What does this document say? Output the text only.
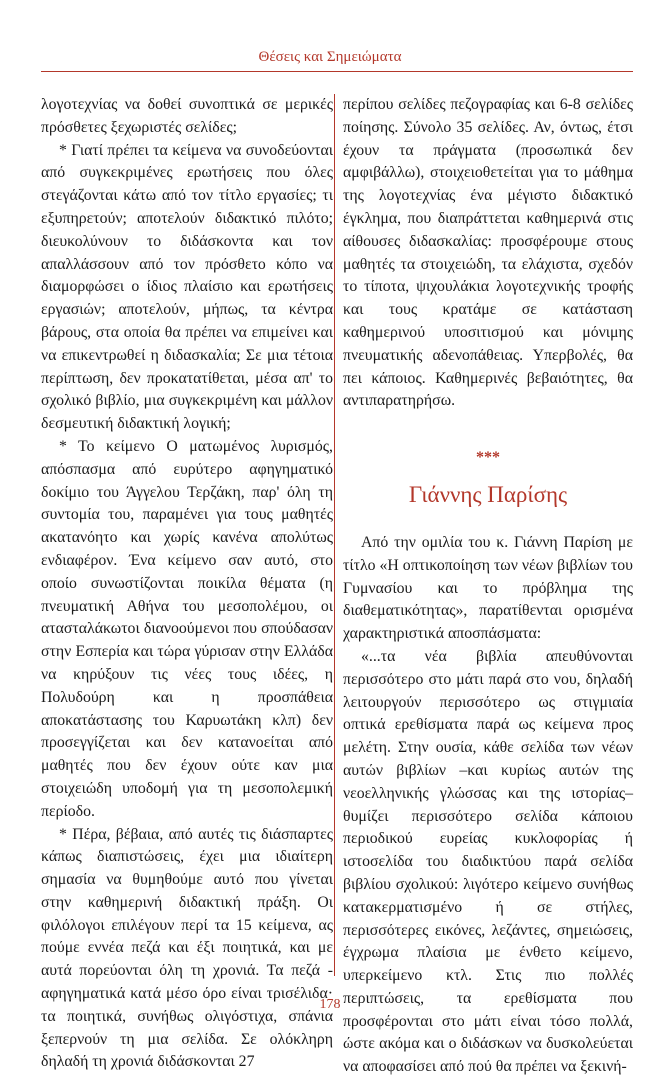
Θέσεις και Σημειώματα

λογοτεχνίας να δοθεί συνοπτικά σε μερικές πρόσθετες ξεχωριστές σελίδες;

* Γιατί πρέπει τα κείμενα να συνοδεύονται από συγκεκριμένες ερωτήσεις που όλες στεγάζονται κάτω από τον τίτλο εργασίες; τι εξυπηρετούν; αποτελούν διδακτικό πιλότο; διευκολύνουν το διδάσκοντα και τον απαλλάσσουν από τον πρόσθετο κόπο να διαμορφώσει ο ίδιος πλαίσιο και ερωτήσεις εργασιών; αποτελούν, μήπως, τα κέντρα βάρους, στα οποία θα πρέπει να επιμείνει και να επικεντρωθεί η διδασκαλία; Σε μια τέτοια περίπτωση, δεν προκατατίθεται, μέσα απ' το σχολικό βιβλίο, μια συγκεκριμένη και μάλλον δεσμευτική διδακτική λογική;

* Το κείμενο Ο ματωμένος λυρισμός, απόσπασμα από ευρύτερο αφηγηματικό δοκίμιο του Άγγελου Τερζάκη, παρ' όλη τη συντομία του, παραμένει για τους μαθητές ακατανόητο και χωρίς κανένα απολύτως ενδιαφέρον. Ένα κείμενο σαν αυτό, στο οποίο συνωστίζονται ποικίλα θέματα (η πνευματική Αθήνα του μεσοπολέμου, οι ατασταλάκωτοι διανοούμενοι που σπούδασαν στην Εσπερία και τώρα γύρισαν στην Ελλάδα να κηρύξουν τις νέες τους ιδέες, η Πολυδούρη και η προσπάθεια αποκατάστασης του Καρυωτάκη κλπ) δεν προσεγγίζεται και δεν κατανοείται από μαθητές που δεν έχουν ούτε καν μια στοιχειώδη υποδομή για τη μεσοπολεμική περίοδο.

* Πέρα, βέβαια, από αυτές τις διάσπαρτες κάπως διαπιστώσεις, έχει μια ιδιαίτερη σημασία να θυμηθούμε αυτό που γίνεται στην καθημερινή διδακτική πράξη. Οι φιλόλογοι επιλέγουν περί τα 15 κείμενα, ας πούμε εννέα πεζά και έξι ποιητικά, και με αυτά πορεύονται όλη τη χρονιά. Τα πεζά - αφηγηματικά κατά μέσο όρο είναι τρισέλιδα· τα ποιητικά, συνήθως ολιγόστιχα, σπάνια ξεπερνούν τη μια σελίδα. Σε ολόκληρη δηλαδή τη χρονιά διδάσκονται 27

περίπου σελίδες πεζογραφίας και 6-8 σελίδες ποίησης. Σύνολο 35 σελίδες. Αν, όντως, έτσι έχουν τα πράγματα (προσωπικά δεν αμφιβάλλω), στοιχειοθετείται για το μάθημα της λογοτεχνίας ένα μέγιστο διδακτικό έγκλημα, που διαπράττεται καθημερινά στις αίθουσες διδασκαλίας: προσφέρουμε στους μαθητές τα στοιχειώδη, τα ελάχιστα, σχεδόν το τίποτα, ψιχουλάκια λογοτεχνικής τροφής και τους κρατάμε σε κατάσταση καθημερινού υποσιτισμού και μόνιμης πνευματικής αδενοπάθειας. Υπερβολές, θα πει κάποιος. Καθημερινές βεβαιότητες, θα αντιπαρατηρήσω.

***
Γιάννης Παρίσης

Από την ομιλία του κ. Γιάννη Παρίση με τίτλο «Η οπτικοποίηση των νέων βιβλίων του Γυμνασίου και το πρόβλημα της διαθεματικότητας», παρατίθενται ορισμένα χαρακτηριστικά αποσπάσματα:

«...τα νέα βιβλία απευθύνονται περισσότερο στο μάτι παρά στο νου, δηλαδή λειτουργούν περισσότερο ως στιγμιαία οπτικά ερεθίσματα παρά ως κείμενα προς μελέτη. Στην ουσία, κάθε σελίδα των νέων αυτών βιβλίων –και κυρίως αυτών της νεοελληνικής γλώσσας και της ιστορίας– θυμίζει περισσότερο σελίδα κάποιου περιοδικού ευρείας κυκλοφορίας ή ιστοσελίδα του διαδικτύου παρά σελίδα βιβλίου σχολικού: λιγότερο κείμενο συνήθως κατακερματισμένο ή σε στήλες, περισσότερες εικόνες, λεζάντες, σημειώσεις, έγχρωμα πλαίσια με ένθετο κείμενο, υπερκείμενο κτλ. Στις πιο πολλές περιπτώσεις, τα ερεθίσματα που προσφέρονται στο μάτι είναι τόσο πολλά, ώστε ακόμα και ο διδάσκων να δυσκολεύεται να αποφασίσει από πού θα πρέπει να ξεκινή-

178
